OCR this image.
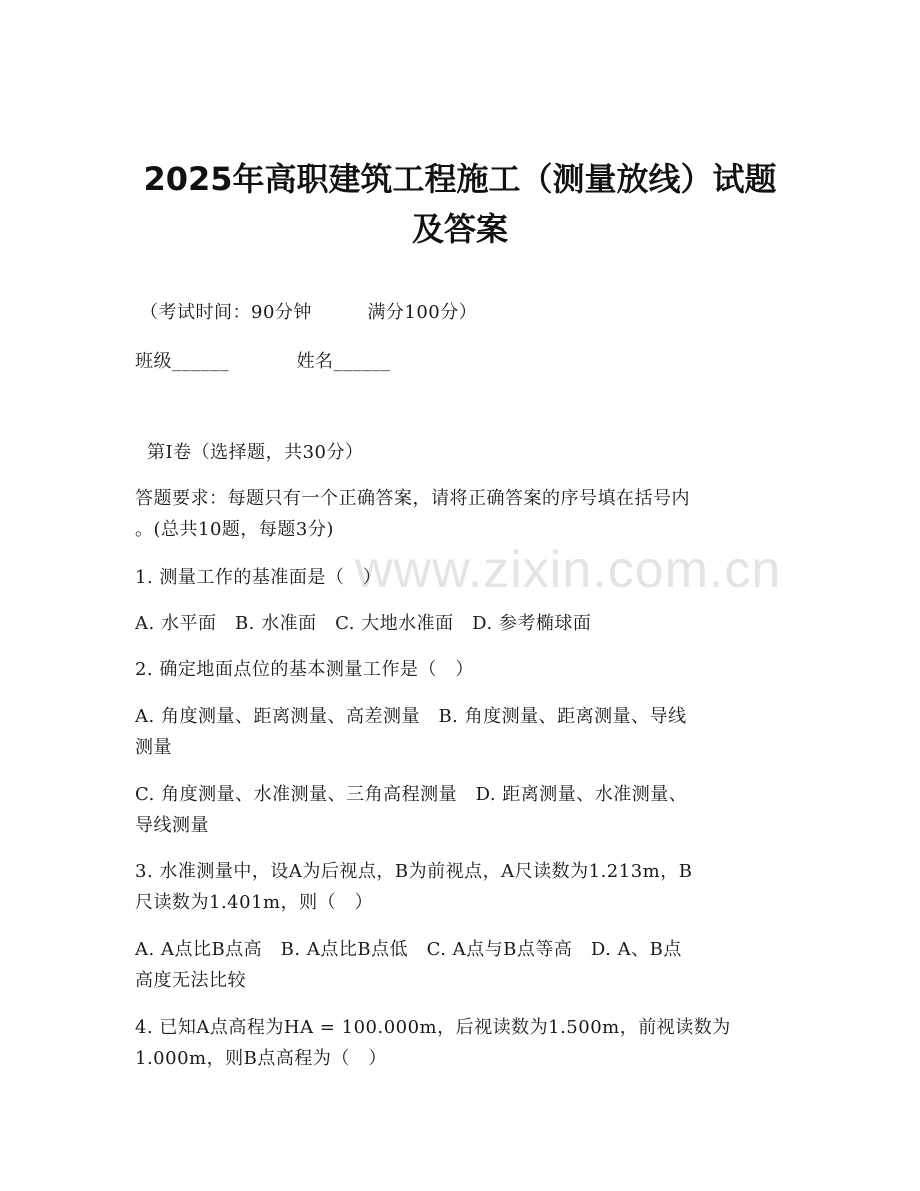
www.zixin.com.cn
2025年高职建筑工程施工（测量放线）试题
及答案
（考试时间：90分钟　　　满分100分）
班级______	姓名______
第Ⅰ卷（选择题，共30分）
答题要求：每题只有一个正确答案，请将正确答案的序号填在括号内
。(总共10题，每题3分)
1. 测量工作的基准面是（　）
A. 水平面　B. 水准面　C. 大地水准面　D. 参考椭球面
2. 确定地面点位的基本测量工作是（　）
A. 角度测量、距离测量、高差测量　B. 角度测量、距离测量、导线
测量
C. 角度测量、水准测量、三角高程测量　D. 距离测量、水准测量、
导线测量
3. 水准测量中，设A为后视点，B为前视点，A尺读数为1.213m，B
尺读数为1.401m，则（　）
A. A点比B点高　B. A点比B点低　C. A点与B点等高　D. A、B点
高度无法比较
4. 已知A点高程为HA = 100.000m，后视读数为1.500m，前视读数为
1.000m，则B点高程为（　）
